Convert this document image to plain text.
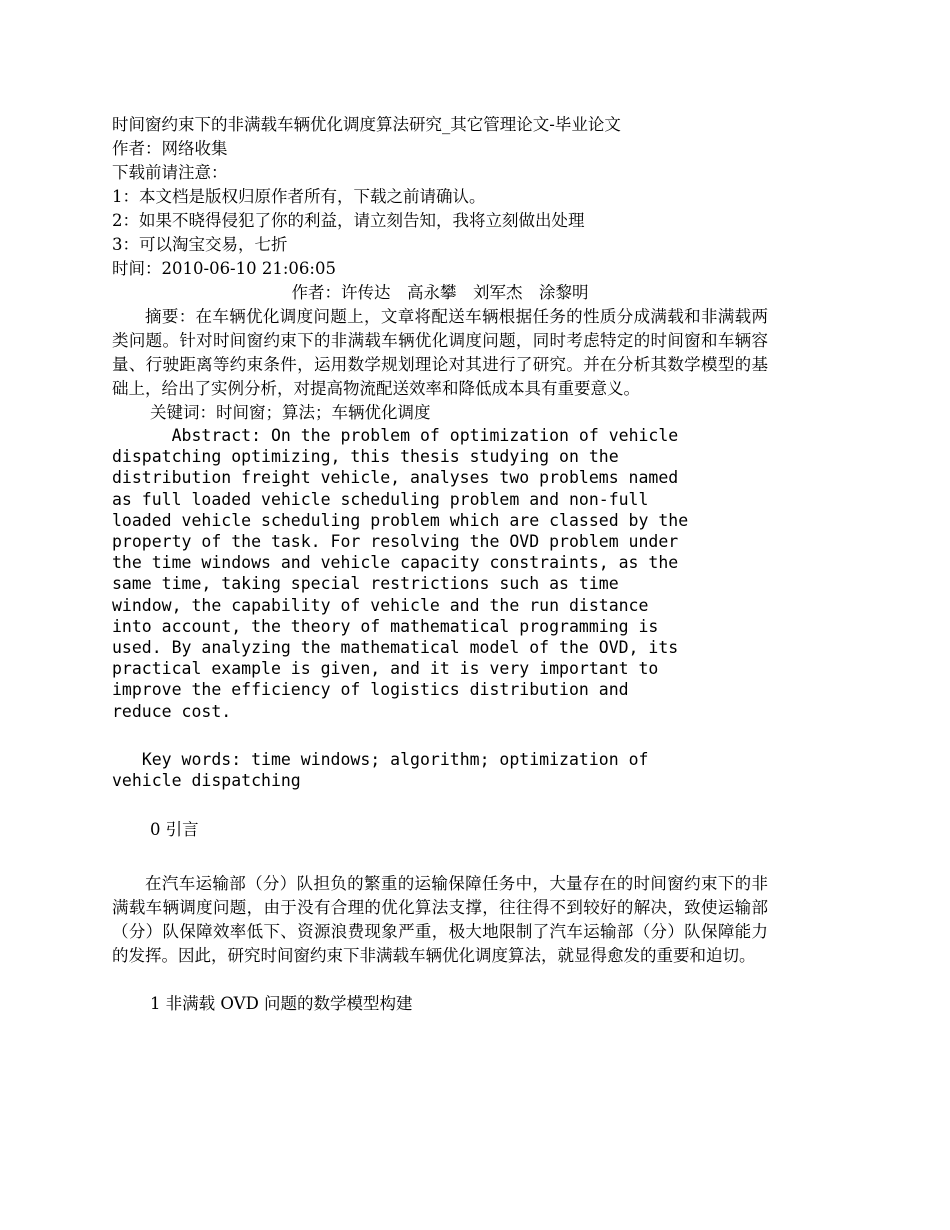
时间窗约束下的非满载车辆优化调度算法研究_其它管理论文-毕业论文
作者：网络收集
下载前请注意：
1：本文档是版权归原作者所有，下载之前请确认。
2：如果不晓得侵犯了你的利益，请立刻告知，我将立刻做出处理
3：可以淘宝交易，七折
时间：2010-06-10 21:06:05
作者：许传达　高永攀　刘军杰　涂黎明
摘要：在车辆优化调度问题上，文章将配送车辆根据任务的性质分成满载和非满载两类问题。针对时间窗约束下的非满载车辆优化调度问题，同时考虑特定的时间窗和车辆容量、行驶距离等约束条件，运用数学规划理论对其进行了研究。并在分析其数学模型的基础上，给出了实例分析，对提高物流配送效率和降低成本具有重要意义。
关键词：时间窗；算法；车辆优化调度
Abstract: On the problem of optimization of vehicle
dispatching optimizing, this thesis studying on the
distribution freight vehicle, analyses two problems named
as full loaded vehicle scheduling problem and non-full
loaded vehicle scheduling problem which are classed by the
property of the task. For resolving the OVD problem under
the time windows and vehicle capacity constraints, as the
same time, taking special restrictions such as time
window, the capability of vehicle and the run distance
into account, the theory of mathematical programming is
used. By analyzing the mathematical model of the OVD, its
practical example is given, and it is very important to
improve the efficiency of logistics distribution and
reduce cost.
Key words: time windows; algorithm; optimization of
vehicle dispatching
0 引言
在汽车运输部（分）队担负的繁重的运输保障任务中，大量存在的时间窗约束下的非满载车辆调度问题，由于没有合理的优化算法支撑，往往得不到较好的解决，致使运输部（分）队保障效率低下、资源浪费现象严重，极大地限制了汽车运输部（分）队保障能力的发挥。因此，研究时间窗约束下非满载车辆优化调度算法，就显得愈发的重要和迫切。
1 非满载 OVD 问题的数学模型构建
